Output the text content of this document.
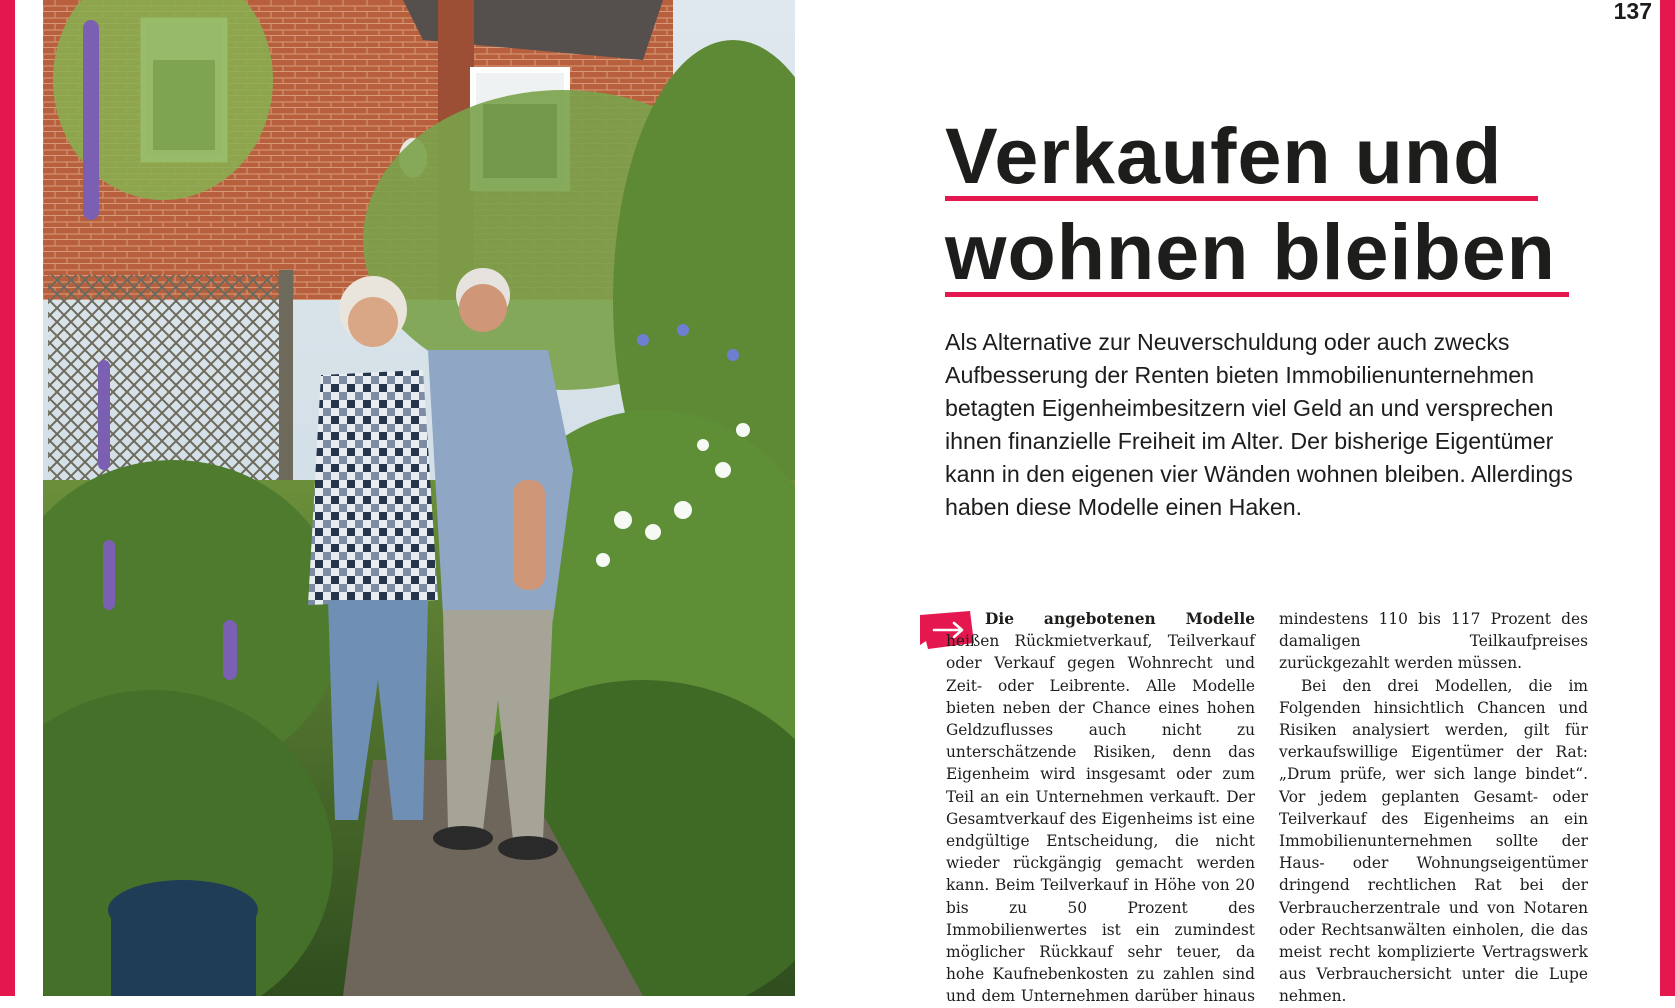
137
Verkaufen und
wohnen bleiben

Als Alternative zur Neuverschuldung oder auch zwecks Aufbesserung der Renten bieten Immobilienunternehmen betagten Eigenheimbesitzern viel Geld an und versprechen ihnen finanzielle Freiheit im Alter. Der bisherige Eigentümer kann in den eigenen vier Wänden wohnen bleiben. Allerdings haben diese Modelle einen Haken.

Die angebotenen Modelle heißen Rückmietverkauf, Teilverkauf oder Verkauf gegen Wohnrecht und Zeit- oder Leibrente. Alle Modelle bieten neben der Chance eines hohen Geldzuflusses auch nicht zu unterschätzende Risiken, denn das Eigenheim wird insgesamt oder zum Teil an ein Unternehmen verkauft. Der Gesamtverkauf des Eigenheims ist eine endgültige Entscheidung, die nicht wieder rückgängig gemacht werden kann. Beim Teilverkauf in Höhe von 20 bis zu 50 Prozent des Immobilienwertes ist ein zumindest möglicher Rückkauf sehr teuer, da hohe Kaufnebenkosten zu zahlen sind und dem Unternehmen darüber hinaus mindestens 110 bis 117 Prozent des damaligen Teilkaufpreises zurückgezahlt werden müssen.

Bei den drei Modellen, die im Folgenden hinsichtlich Chancen und Risiken analysiert werden, gilt für verkaufswillige Eigentümer der Rat: „Drum prüfe, wer sich lange bindet“. Vor jedem geplanten Gesamt- oder Teilverkauf des Eigenheims an ein Immobilienunternehmen sollte der Haus- oder Wohnungseigentümer dringend rechtlichen Rat bei der Verbraucherzentrale und von Notaren oder Rechtsanwälten einholen, die das meist recht komplizierte Vertragswerk aus Verbrauchersicht unter die Lupe nehmen.
